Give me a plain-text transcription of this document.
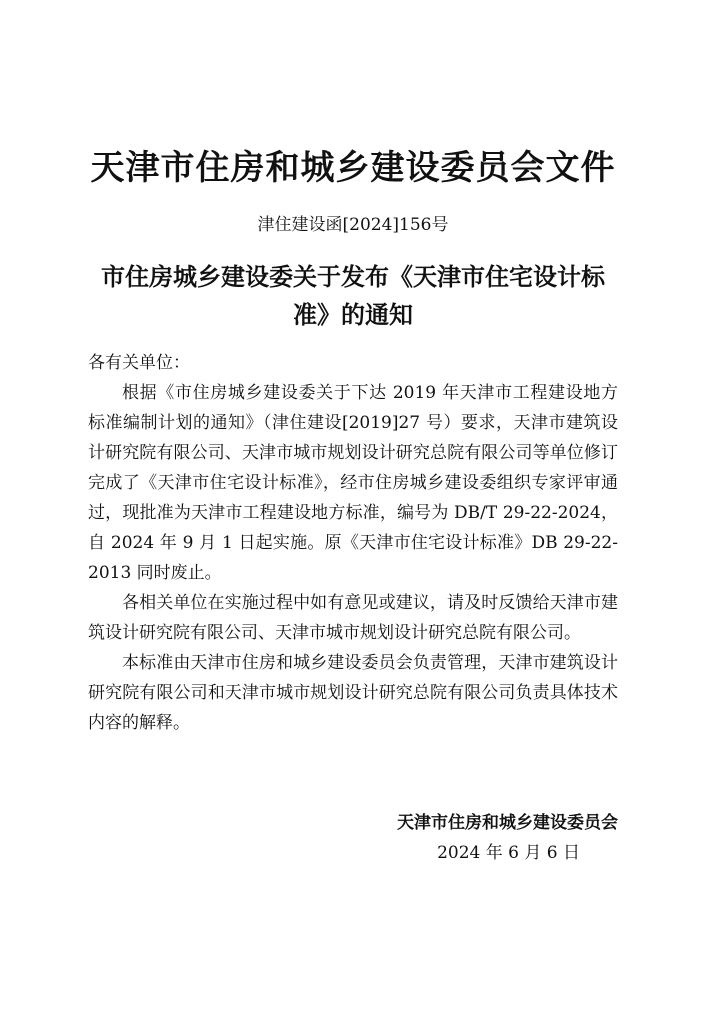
天津市住房和城乡建设委员会文件
津住建设函[2024]156号
市住房城乡建设委关于发布《天津市住宅设计标准》的通知

各有关单位：

根据《市住房城乡建设委关于下达 2019 年天津市工程建设地方标准编制计划的通知》（津住建设[2019]27 号）要求，天津市建筑设计研究院有限公司、天津市城市规划设计研究总院有限公司等单位修订完成了《天津市住宅设计标准》，经市住房城乡建设委组织专家评审通过，现批准为天津市工程建设地方标准，编号为 DB/T 29-22-2024，自 2024 年 9 月 1 日起实施。原《天津市住宅设计标准》DB 29-22-2013 同时废止。

各相关单位在实施过程中如有意见或建议，请及时反馈给天津市建筑设计研究院有限公司、天津市城市规划设计研究总院有限公司。

本标准由天津市住房和城乡建设委员会负责管理，天津市建筑设计研究院有限公司和天津市城市规划设计研究总院有限公司负责具体技术内容的解释。

天津市住房和城乡建设委员会
2024 年 6 月 6 日
